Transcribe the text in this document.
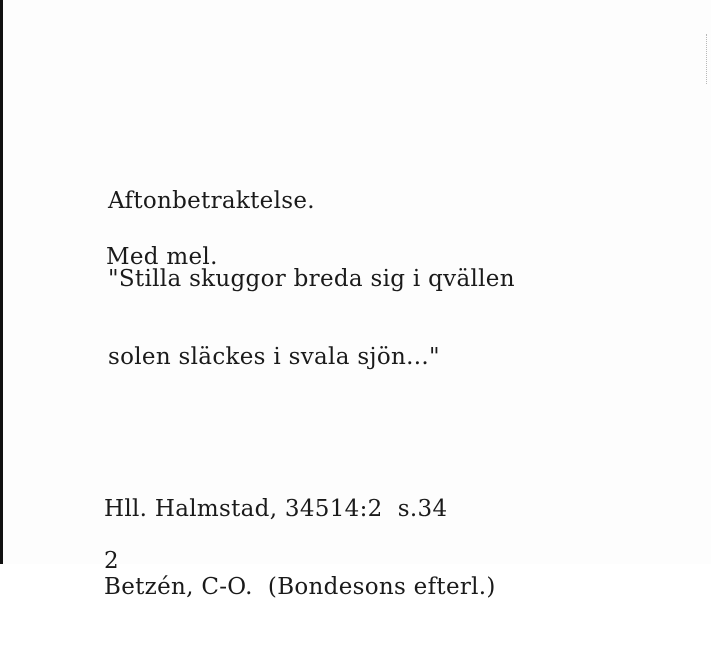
Aftonbetraktelse.

"Stilla skuggor breda sig i qvällen

solen släckes i svala sjön..."

Med mel.

Hll. Halmstad, 34514:2  s.34

Betzén, C-O.  (Bondesons efterl.)

2
